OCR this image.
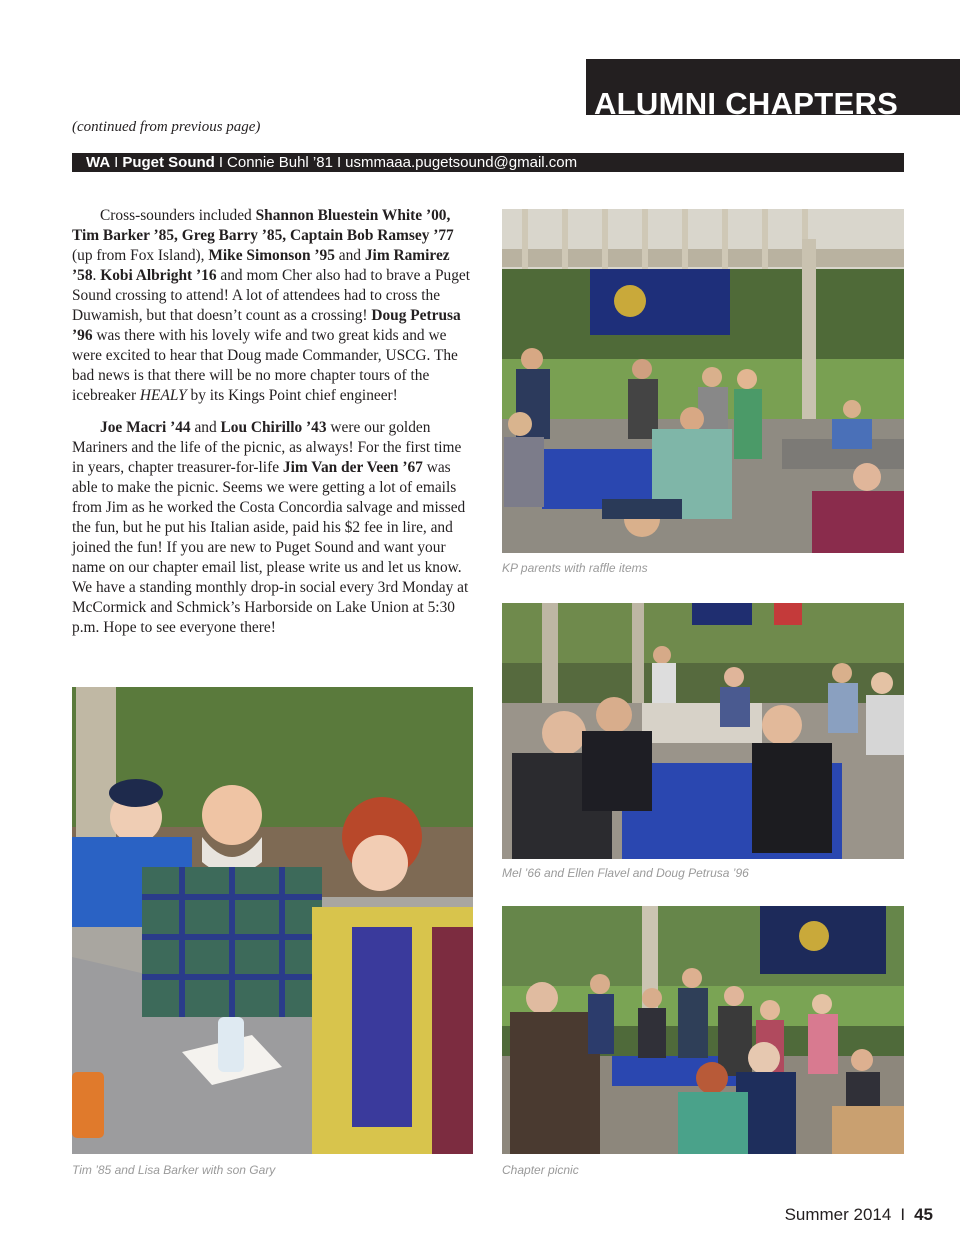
ALUMNI CHAPTERS
(continued from previous page)
WA I Puget Sound I Connie Buhl ’81 I usmmaaa.pugetsound@gmail.com

Cross-sounders included Shannon Bluestein White ’00, Tim Barker ’85, Greg Barry ’85, Captain Bob Ramsey ’77 (up from Fox Island), Mike Simonson ’95 and Jim Ramirez ’58. Kobi Albright ’16 and mom Cher also had to brave a Puget Sound crossing to attend! A lot of attendees had to cross the Duwamish, but that doesn’t count as a crossing! Doug Petrusa ’96 was there with his lovely wife and two great kids and we were excited to hear that Doug made Commander, USCG. The bad news is that there will be no more chapter tours of the icebreaker HEALY by its Kings Point chief engineer!

Joe Macri ’44 and Lou Chirillo ’43 were our golden Mariners and the life of the picnic, as always! For the first time in years, chapter treasurer-for-life Jim Van der Veen ’67 was able to make the picnic. Seems we were getting a lot of emails from Jim as he worked the Costa Concordia salvage and missed the fun, but he put his Italian aside, paid his $2 fee in lire, and joined the fun! If you are new to Puget Sound and want your name on our chapter email list, please write us and let us know. We have a standing monthly drop-in social every 3rd Monday at McCormick and Schmick’s Harborside on Lake Union at 5:30 p.m. Hope to see everyone there!

KP parents with raffle items
Mel ’66 and Ellen Flavel and Doug Petrusa ’96
Chapter picnic
Tim ’85 and Lisa Barker with son Gary
Summer 2014 I 45
